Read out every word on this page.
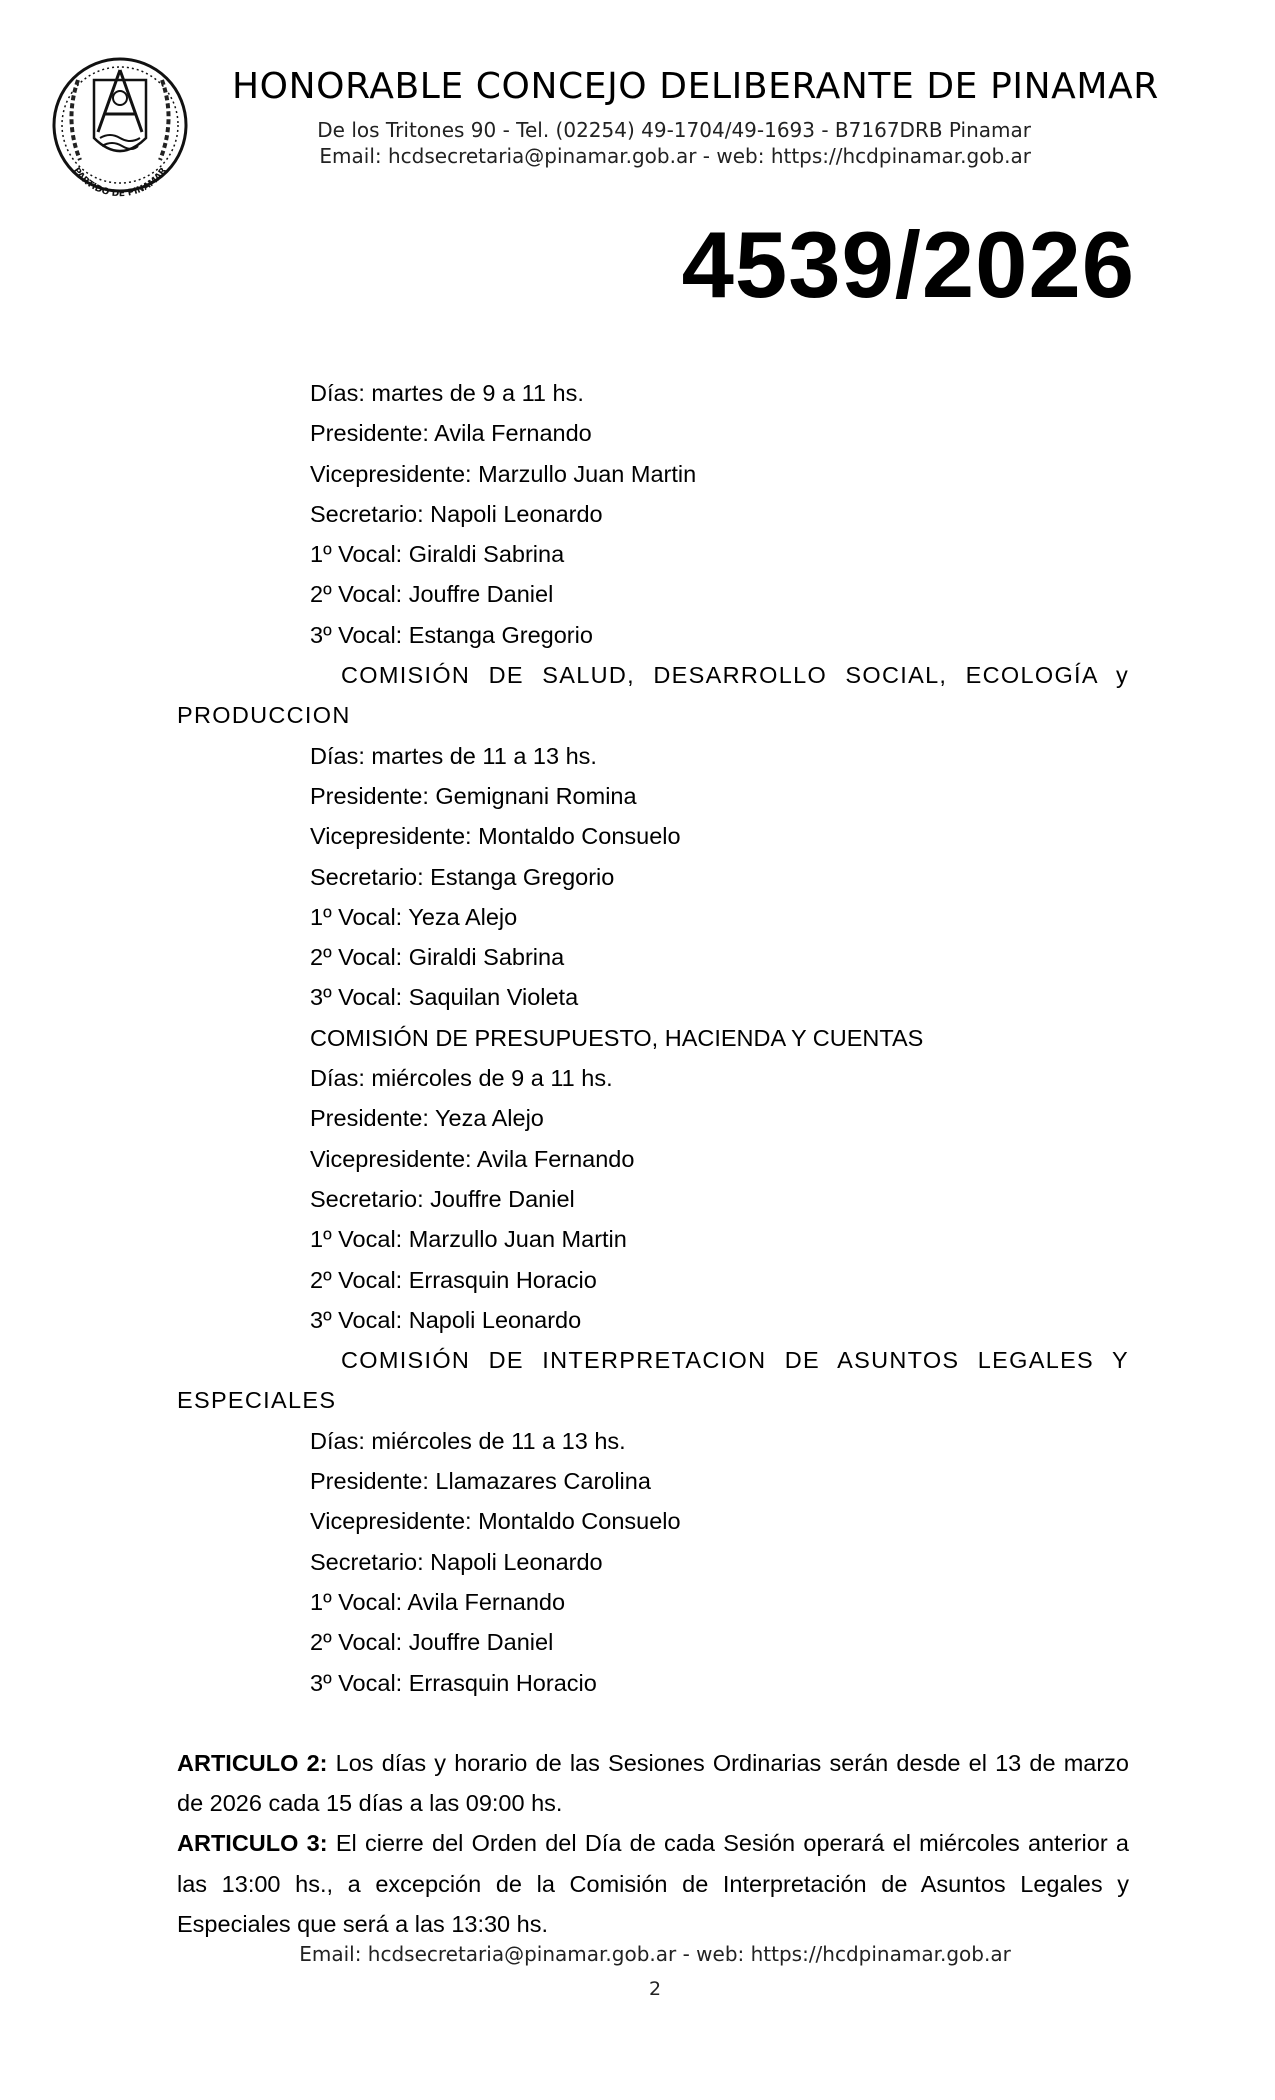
PARTIDO DE PINAMAR
HONORABLE CONCEJO DELIBERANTE DE PINAMAR
De los Tritones 90 - Tel. (02254) 49-1704/49-1693 - B7167DRB Pinamar
Email: hcdsecretaria@pinamar.gob.ar - web: https://hcdpinamar.gob.ar
4539/2026
Días: martes de 9 a 11 hs.
Presidente: Avila Fernando
Vicepresidente: Marzullo Juan Martin
Secretario: Napoli Leonardo
1º Vocal: Giraldi Sabrina
2º Vocal: Jouffre Daniel
3º Vocal: Estanga Gregorio
COMISIÓN DE SALUD, DESARROLLO SOCIAL, ECOLOGÍA y
PRODUCCION
Días: martes de 11 a 13 hs.
Presidente: Gemignani Romina
Vicepresidente: Montaldo Consuelo
Secretario: Estanga Gregorio
1º Vocal: Yeza Alejo
2º Vocal: Giraldi Sabrina
3º Vocal: Saquilan Violeta
COMISIÓN DE PRESUPUESTO, HACIENDA Y CUENTAS
Días: miércoles de 9 a 11 hs.
Presidente: Yeza Alejo
Vicepresidente: Avila Fernando
Secretario: Jouffre Daniel
1º Vocal: Marzullo Juan Martin
2º Vocal: Errasquin Horacio
3º Vocal: Napoli Leonardo
COMISIÓN DE INTERPRETACION DE ASUNTOS LEGALES Y
ESPECIALES
Días: miércoles de 11 a 13 hs.
Presidente: Llamazares Carolina
Vicepresidente: Montaldo Consuelo
Secretario: Napoli Leonardo
1º Vocal: Avila Fernando
2º Vocal: Jouffre Daniel
3º Vocal: Errasquin Horacio

ARTICULO 2: Los días y horario de las Sesiones Ordinarias serán desde el 13 de marzo de 2026 cada 15 días a las 09:00 hs.

ARTICULO 3: El cierre del Orden del Día de cada Sesión operará el miércoles anterior a las 13:00 hs., a excepción de la Comisión de Interpretación de Asuntos Legales y Especiales que será a las 13:30 hs.

Email: hcdsecretaria@pinamar.gob.ar - web: https://hcdpinamar.gob.ar
2
